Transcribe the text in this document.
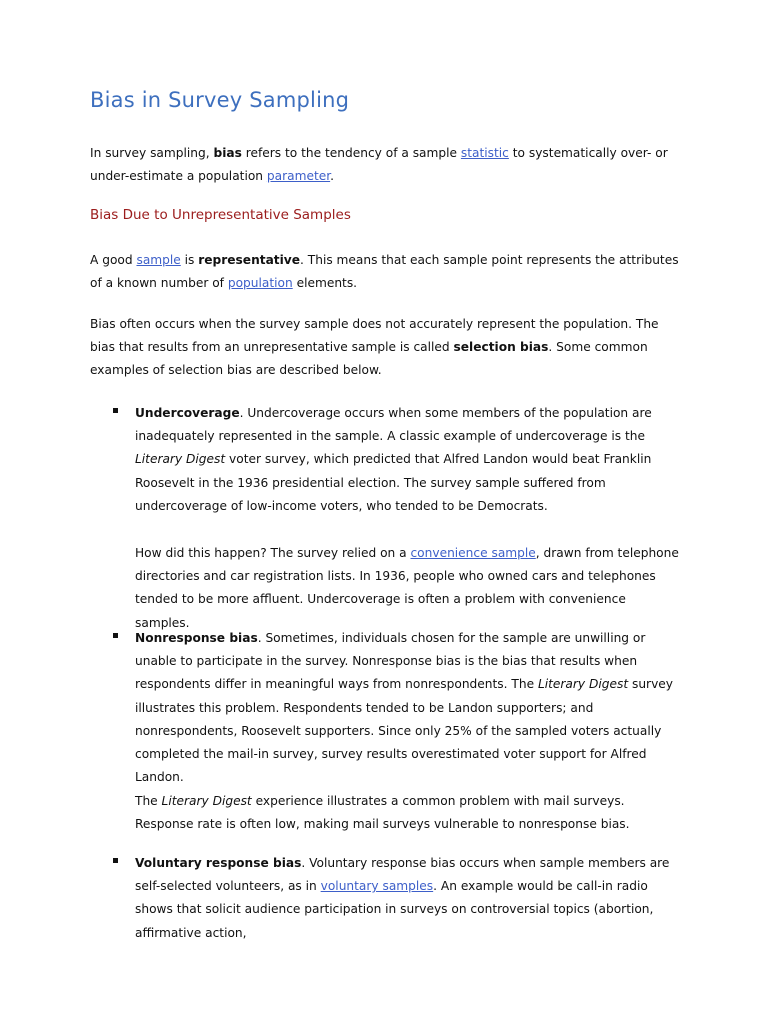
Bias in Survey Sampling

In survey sampling, bias refers to the tendency of a sample statistic to systematically over- or under-estimate a population parameter.

Bias Due to Unrepresentative Samples

A good sample is representative. This means that each sample point represents the attributes of a known number of population elements.

Bias often occurs when the survey sample does not accurately represent the population. The bias that results from an unrepresentative sample is called selection bias. Some common examples of selection bias are described below.

Undercoverage. Undercoverage occurs when some members of the population are inadequately represented in the sample. A classic example of undercoverage is the Literary Digest voter survey, which predicted that Alfred Landon would beat Franklin Roosevelt in the 1936 presidential election. The survey sample suffered from undercoverage of low-income voters, who tended to be Democrats.

How did this happen? The survey relied on a convenience sample, drawn from telephone directories and car registration lists. In 1936, people who owned cars and telephones tended to be more affluent. Undercoverage is often a problem with convenience samples.

Nonresponse bias. Sometimes, individuals chosen for the sample are unwilling or unable to participate in the survey. Nonresponse bias is the bias that results when respondents differ in meaningful ways from nonrespondents. The Literary Digest survey illustrates this problem. Respondents tended to be Landon supporters; and nonrespondents, Roosevelt supporters. Since only 25% of the sampled voters actually completed the mail-in survey, survey results overestimated voter support for Alfred Landon.

The Literary Digest experience illustrates a common problem with mail surveys. Response rate is often low, making mail surveys vulnerable to nonresponse bias.

Voluntary response bias. Voluntary response bias occurs when sample members are self-selected volunteers, as in voluntary samples. An example would be call-in radio shows that solicit audience participation in surveys on controversial topics (abortion, affirmative action,
